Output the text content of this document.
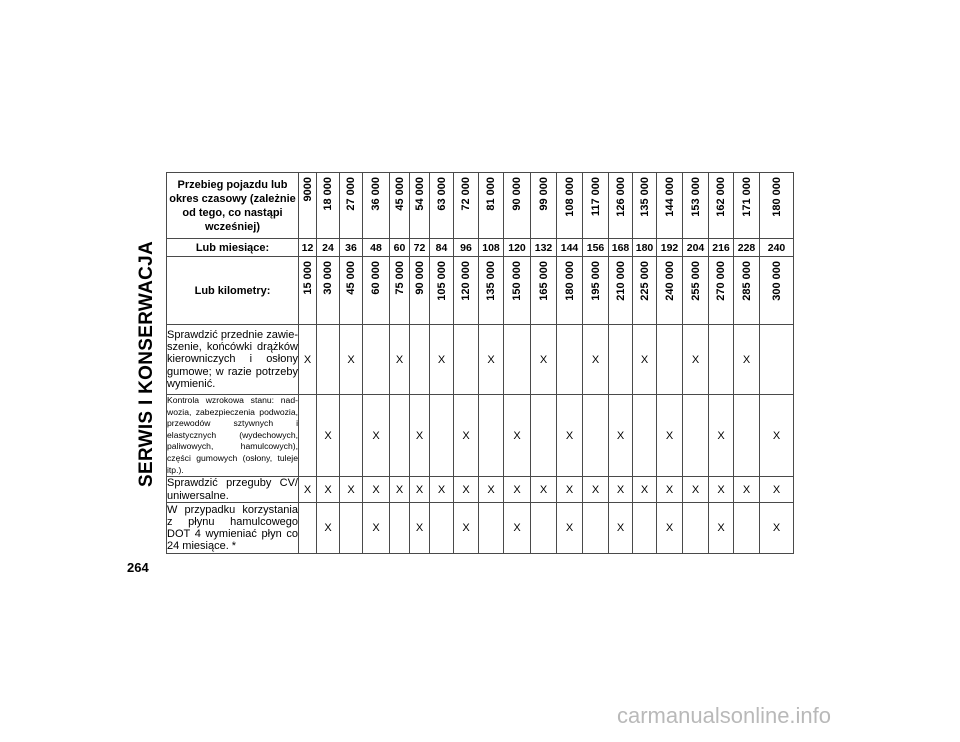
SERWIS I KONSERWACJA
Przebieg pojazdu lub okres czasowy (zależnie od tego, co nastąpi wcześniej)	9000	18 000	27 000	36 000	45 000	54 000	63 000	72 000	81 000	90 000	99 000	108 000	117 000	126 000	135 000	144 000	153 000	162 000	171 000	180 000
Lub miesiące:	12	24	36	48	60	72	84	96	108	120	132	144	156	168	180	192	204	216	228	240
Lub kilometry:	15 000	30 000	45 000	60 000	75 000	90 000	105 000	120 000	135 000	150 000	165 000	180 000	195 000	210 000	225 000	240 000	255 000	270 000	285 000	300 000
Sprawdzić przednie zawieszenie, końcówki drążków kierowniczych i osłony gumowe; w razie potrzeby wymienić.	X		X		X		X		X		X		X		X		X		X	
Kontrola wzrokowa stanu: nadwozia, zabezpieczenia podwozia, przewodów sztywnych i elastycznych (wydechowych, paliwowych, hamulcowych), części gumowych (osłony, tuleje itp.).		X		X		X		X		X		X		X		X		X		X
Sprawdzić przeguby CV/ uniwersalne.	X	X	X	X	X	X	X	X	X	X	X	X	X	X	X	X	X	X	X	X
W przypadku korzystania z płynu hamulcowego DOT 4 wymieniać płyn co 24 miesiące. *		X		X		X		X		X		X		X		X		X		X
264
carmanualsonline.info
